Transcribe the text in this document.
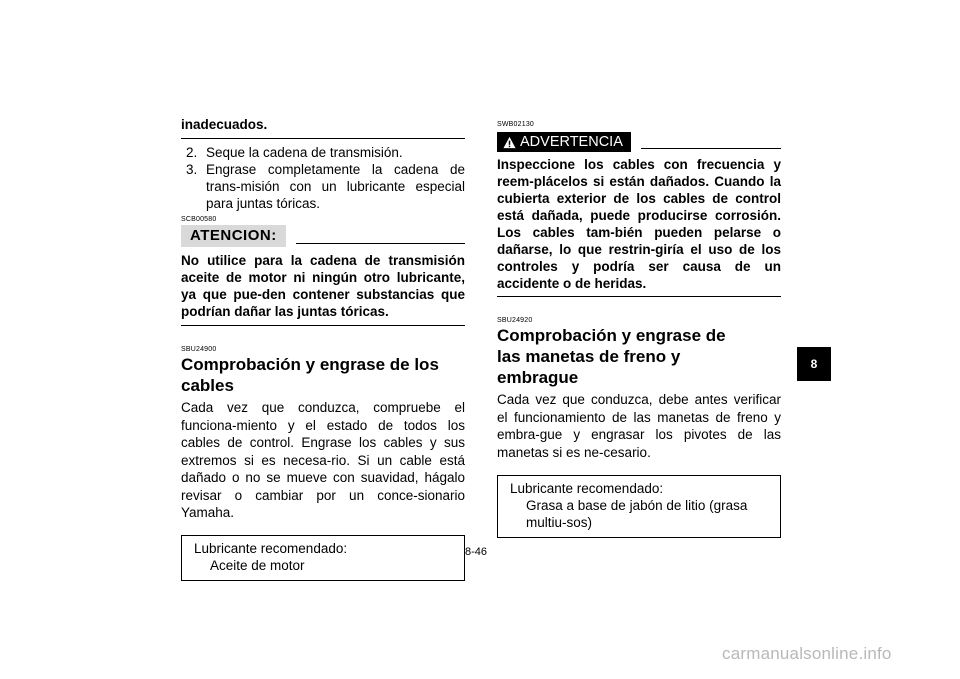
inadecuados.
2. Seque la cadena de transmisión.
3. Engrase completamente la cadena de trans-misión con un lubricante especial para juntas tóricas.
SCB00580
ATENCION:
No utilice para la cadena de transmisión aceite de motor ni ningún otro lubricante, ya que pue-den contener substancias que podrían dañar las juntas tóricas.
SBU24900
Comprobación y engrase de los cables
Cada vez que conduzca, compruebe el funciona-miento y el estado de todos los cables de control. Engrase los cables y sus extremos si es necesa-rio. Si un cable está dañado o no se mueve con suavidad, hágalo revisar o cambiar por un conce-sionario Yamaha.
Lubricante recomendado:
Aceite de motor
SWB02130
ADVERTENCIA
Inspeccione los cables con frecuencia y reem-plácelos si están dañados. Cuando la cubierta exterior de los cables de control está dañada, puede producirse corrosión. Los cables tam-bién pueden pelarse o dañarse, lo que restrin-giría el uso de los controles y podría ser causa de un accidente o de heridas.
SBU24920
Comprobación y engrase de las manetas de freno y embrague
Cada vez que conduzca, debe antes verificar el funcionamiento de las manetas de freno y embra-gue y engrasar los pivotes de las manetas si es ne-cesario.
Lubricante recomendado:
Grasa a base de jabón de litio (grasa multiu-sos)
8-46
8
carmanualsonline.info
